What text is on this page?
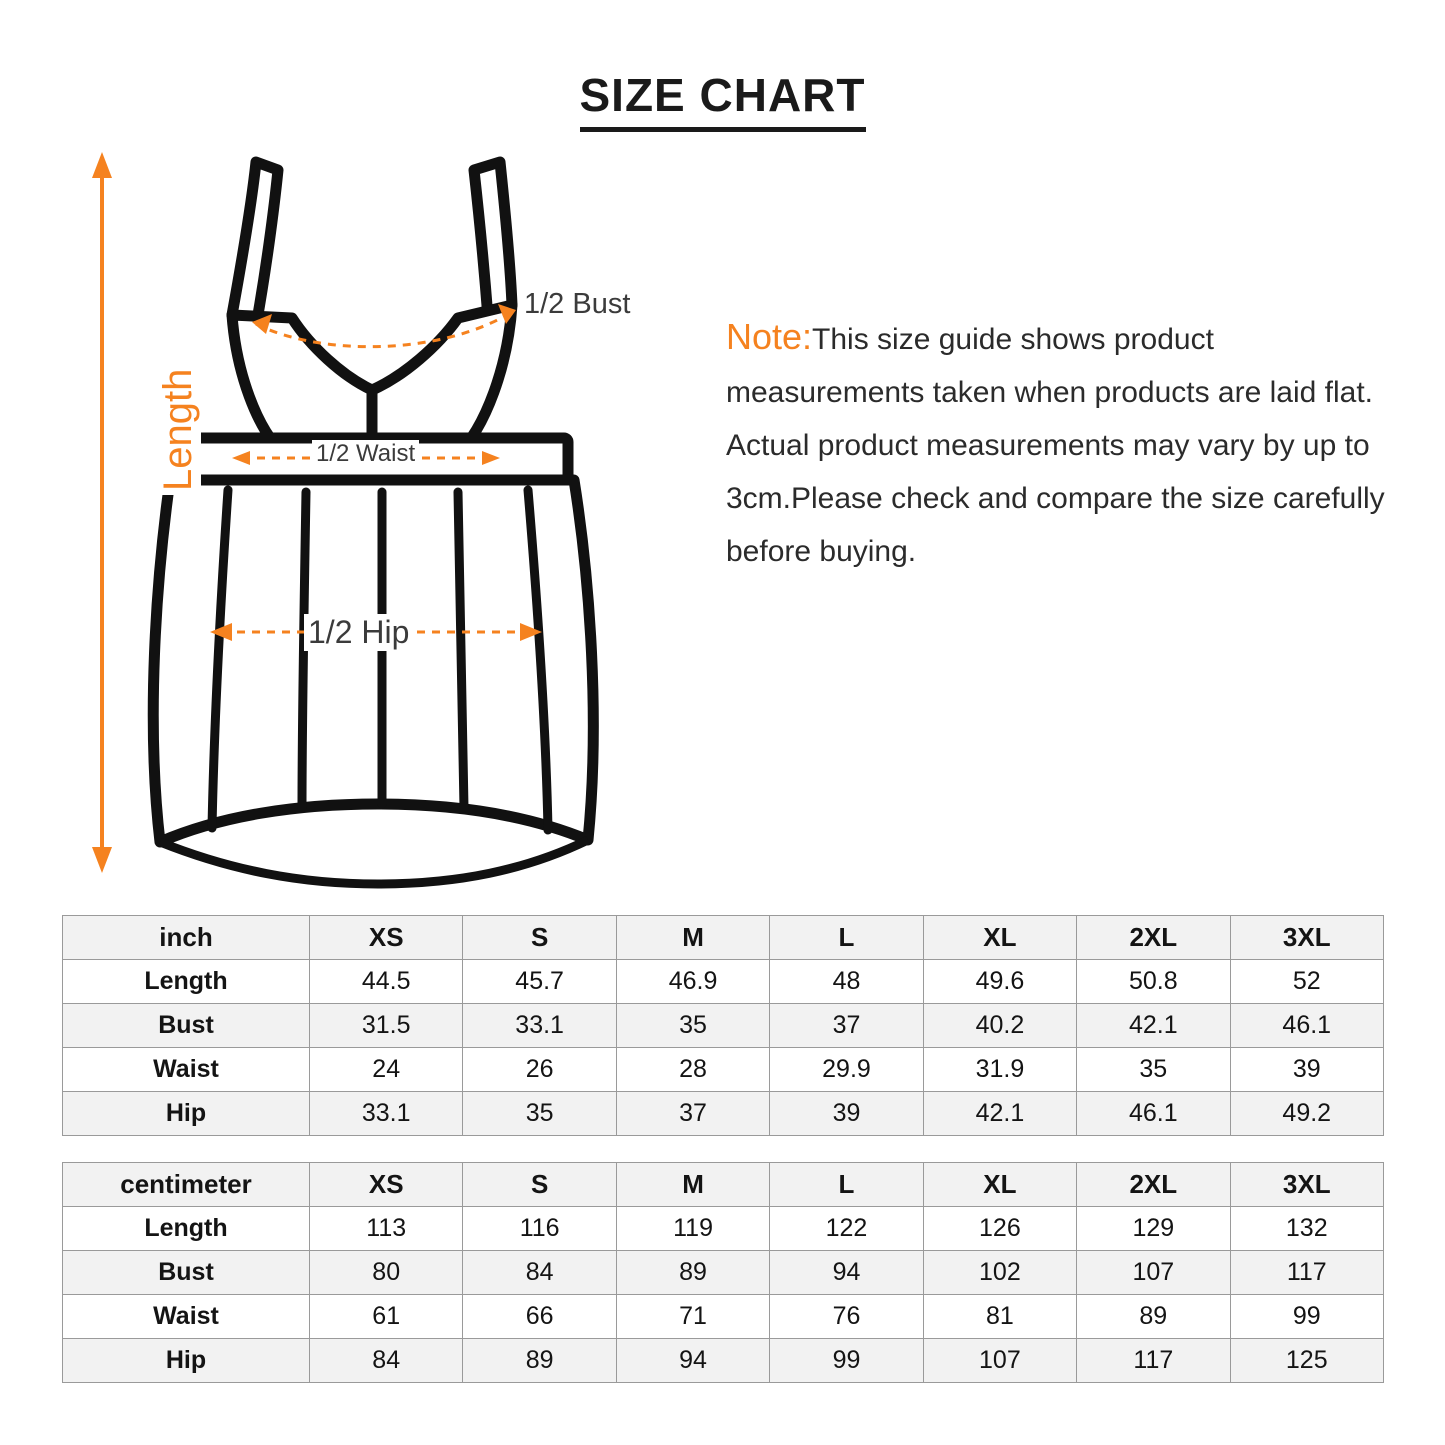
SIZE CHART
Length
1/2 Bust
1/2 Waist
1/2 Hip
Note:This size guide shows product measurements taken when products are laid flat. Actual product measurements may vary by up to 3cm.Please check and compare the size carefully before buying.
inch	XS	S	M	L	XL	2XL	3XL
Length	44.5	45.7	46.9	48	49.6	50.8	52
Bust	31.5	33.1	35	37	40.2	42.1	46.1
Waist	24	26	28	29.9	31.9	35	39
Hip	33.1	35	37	39	42.1	46.1	49.2
centimeter	XS	S	M	L	XL	2XL	3XL
Length	113	116	119	122	126	129	132
Bust	80	84	89	94	102	107	117
Waist	61	66	71	76	81	89	99
Hip	84	89	94	99	107	117	125
